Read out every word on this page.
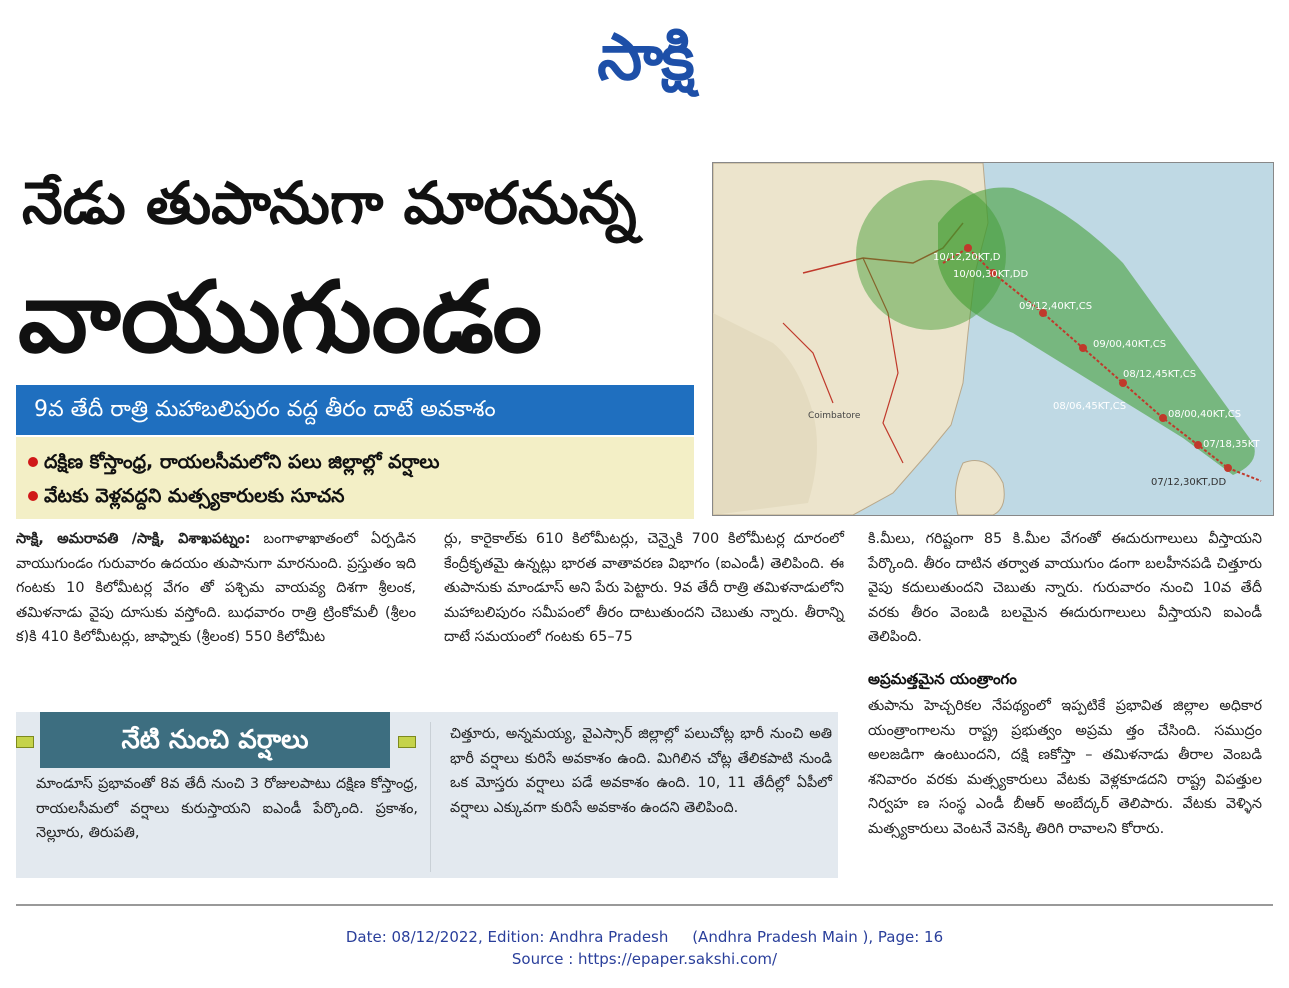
సాక్షి
నేడు తుపానుగా మారనున్న
వాయుగుండం
9వ తేదీ రాత్రి మహాబలిపురం వద్ద తీరం దాటే అవకాశం
దక్షిణ కోస్తాంధ్ర, రాయలసీమలోని పలు జిల్లాల్లో వర్షాలు
వేటకు వెళ్లవద్దని మత్స్యకారులకు సూచన
10/12,20KT,D
10/00,30KT,DD
09/12,40KT,CS
09/00,40KT,CS
08/12,45KT,CS
08/06,45KT,CS
08/00,40KT,CS
07/18,35KT
07/12,30KT,DD
Coimbatore
సాక్షి, అమరావతి /సాక్షి, విశాఖపట్నం: బంగాళాఖాతంలో ఏర్పడిన వాయుగుండం గురువారం ఉదయం తుపానుగా మారనుంది. ప్రస్తుతం ఇది గంటకు 10 కిలోమీటర్ల వేగం తో పశ్చిమ వాయవ్య దిశగా శ్రీలంక, తమిళనాడు వైపు దూసుకు వస్తోంది. బుధవారం రాత్రి ట్రింకోమలీ (శ్రీలం క)కి 410 కిలోమీటర్లు, జాఫ్నాకు (శ్రీలంక) 550 కిలోమీట
ర్లు, కారైకాల్‌కు 610 కిలోమీటర్లు, చెన్నైకి 700 కిలోమీటర్ల దూరంలో కేంద్రీకృతమై ఉన్నట్లు భారత వాతావరణ విభాగం (ఐఎండీ) తెలిపింది. ఈ తుపానుకు మాండూస్ అని పేరు పెట్టారు. 9వ తేదీ రాత్రి తమిళనాడులోని మహాబలిపురం సమీపంలో తీరం దాటుతుందని చెబుతు న్నారు. తీరాన్ని దాటే సమయంలో గంటకు 65–75
కి.మీలు, గరిష్టంగా 85 కి.మీల వేగంతో ఈదురుగాలులు వీస్తాయని పేర్కొంది. తీరం దాటిన తర్వాత వాయుగుం డంగా బలహీనపడి చిత్తూరు వైపు కదులుతుందని చెబుతు న్నారు. గురువారం నుంచి 10వ తేదీ వరకు తీరం వెంబడి బలమైన ఈదురుగాలులు వీస్తాయని ఐఎండీ తెలిపింది.
అప్రమత్తమైన యంత్రాంగం
తుపాను హెచ్చరికల నేపథ్యంలో ఇప్పటికే ప్రభావిత జిల్లాల అధికార యంత్రాంగాలను రాష్ట్ర ప్రభుత్వం అప్రమ త్తం చేసింది. సముద్రం అలజడిగా ఉంటుందని, దక్షి ణకోస్తా – తమిళనాడు తీరాల వెంబడి శనివారం వరకు మత్స్యకారులు వేటకు వెళ్లకూడదని రాష్ట్ర విపత్తుల నిర్వహ ణ సంస్థ ఎండీ బీఆర్ అంబేద్కర్ తెలిపారు. వేటకు వెళ్ళిన మత్స్యకారులు వెంటనే వెనక్కి తిరిగి రావాలని కోరారు.
నేటి నుంచి వర్షాలు
మాండూస్ ప్రభావంతో 8వ తేదీ నుంచి 3 రోజులపాటు దక్షిణ కోస్తాంధ్ర, రాయలసీమలో వర్షాలు కురుస్తాయని ఐఎండీ పేర్కొంది. ప్రకాశం, నెల్లూరు, తిరుపతి,
చిత్తూరు, అన్నమయ్య, వైఎస్సార్ జిల్లాల్లో పలుచోట్ల భారీ నుంచి అతి భారీ వర్షాలు కురిసే అవకాశం ఉంది. మిగిలిన చోట్ల తేలికపాటి నుండి ఒక మోస్తరు వర్షాలు పడే అవకాశం ఉంది. 10, 11 తేదీల్లో ఏపీలో వర్షాలు ఎక్కువగా కురిసే అవకాశం ఉందని తెలిపింది.
Date: 08/12/2022, Edition: Andhra Pradesh     (Andhra Pradesh Main ), Page: 16
Source : https://epaper.sakshi.com/
